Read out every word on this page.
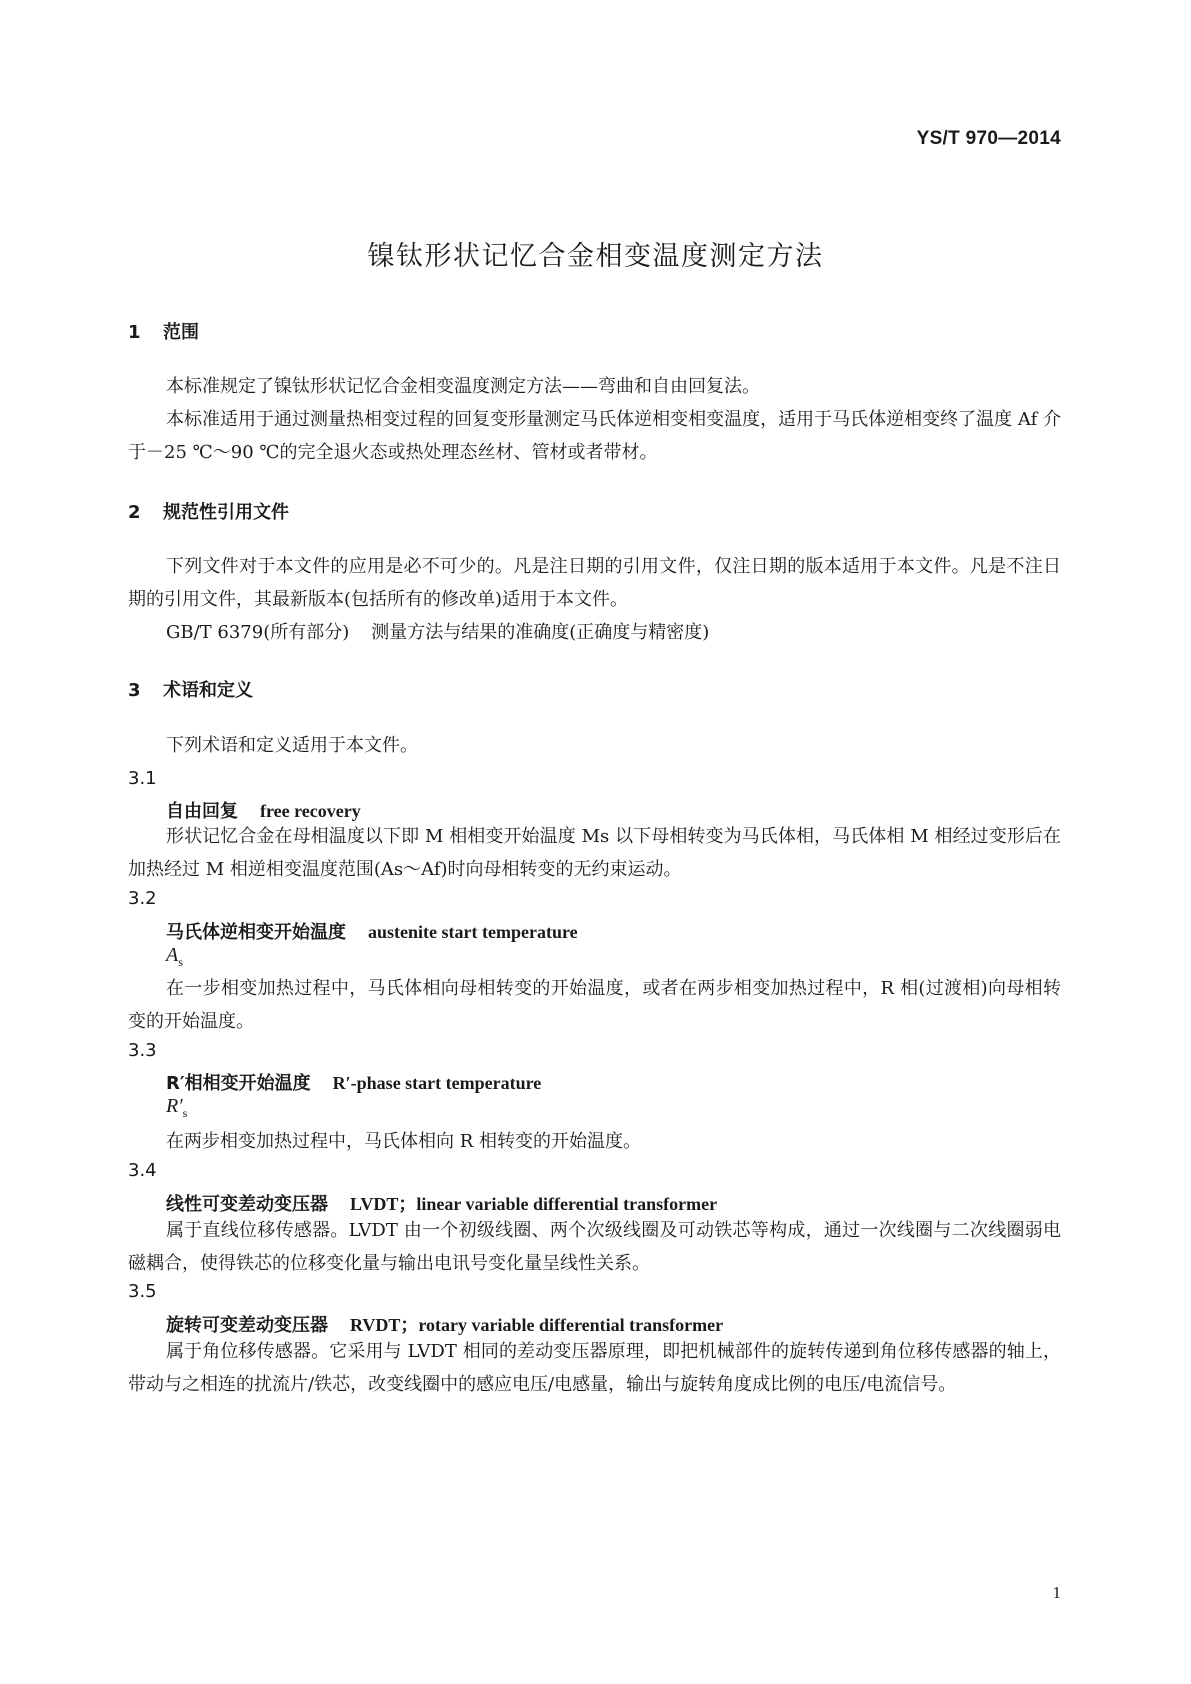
YS/T 970—2014
镍钛形状记忆合金相变温度测定方法
1 范围
本标准规定了镍钛形状记忆合金相变温度测定方法——弯曲和自由回复法。
本标准适用于通过测量热相变过程的回复变形量测定马氏体逆相变相变温度，适用于马氏体逆相变终了温度 Af 介于－25 ℃～90 ℃的完全退火态或热处理态丝材、管材或者带材。
2 规范性引用文件
下列文件对于本文件的应用是必不可少的。凡是注日期的引用文件，仅注日期的版本适用于本文件。凡是不注日期的引用文件，其最新版本(包括所有的修改单)适用于本文件。
GB/T 6379(所有部分) 测量方法与结果的准确度(正确度与精密度)
3 术语和定义
下列术语和定义适用于本文件。
3.1
自由回复 free recovery
形状记忆合金在母相温度以下即 M 相相变开始温度 Ms 以下母相转变为马氏体相，马氏体相 M 相经过变形后在加热经过 M 相逆相变温度范围(As～Af)时向母相转变的无约束运动。
3.2
马氏体逆相变开始温度 austenite start temperature
$A_s$
在一步相变加热过程中，马氏体相向母相转变的开始温度，或者在两步相变加热过程中，R 相(过渡相)向母相转变的开始温度。
3.3
R′相相变开始温度 R′-phase start temperature
$R'_s$
在两步相变加热过程中，马氏体相向 R 相转变的开始温度。
3.4
线性可变差动变压器 LVDT；linear variable differential transformer
属于直线位移传感器。LVDT 由一个初级线圈、两个次级线圈及可动铁芯等构成，通过一次线圈与二次线圈弱电磁耦合，使得铁芯的位移变化量与输出电讯号变化量呈线性关系。
3.5
旋转可变差动变压器 RVDT；rotary variable differential transformer
属于角位移传感器。它采用与 LVDT 相同的差动变压器原理，即把机械部件的旋转传递到角位移传感器的轴上，带动与之相连的扰流片/铁芯，改变线圈中的感应电压/电感量，输出与旋转角度成比例的电压/电流信号。
1
